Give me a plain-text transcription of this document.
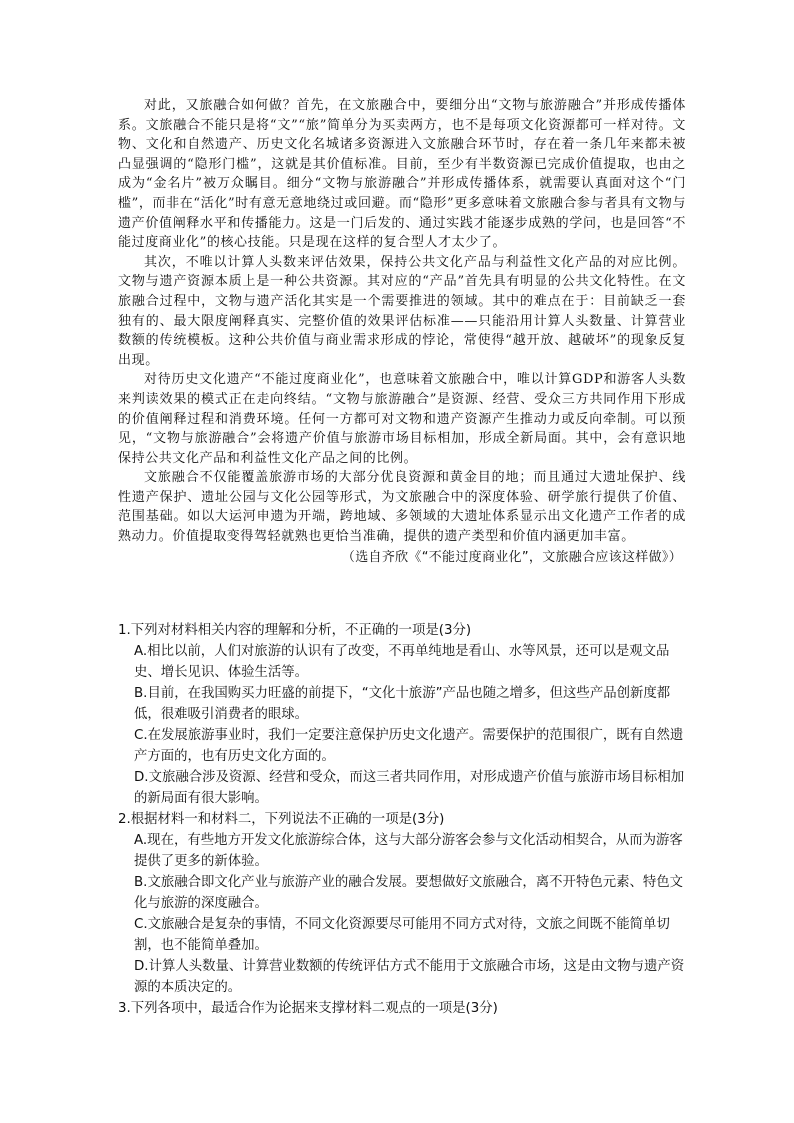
对此，又旅融合如何做？首先，在文旅融合中，要细分出“文物与旅游融合”并形成传播体系。文旅融合不能只是将“文”“旅”简单分为买卖两方，也不是每项文化资源都可一样对待。文物、文化和自然遗产、历史文化名城诸多资源进入文旅融合环节时，存在着一条几年来都未被凸显强调的“隐形门槛”，这就是其价值标准。目前，至少有半数资源已完成价值提取，也由之成为“金名片”被万众瞩目。细分“文物与旅游融合”并形成传播体系，就需要认真面对这个“门槛”，而非在“活化”时有意无意地绕过或回避。而“隐形”更多意味着文旅融合参与者具有文物与遗产价值阐释水平和传播能力。这是一门后发的、通过实践才能逐步成熟的学问，也是回答“不能过度商业化”的核心技能。只是现在这样的复合型人才太少了。

其次，不唯以计算人头数来评估效果，保持公共文化产品与利益性文化产品的对应比例。文物与遗产资源本质上是一种公共资源。其对应的“产品”首先具有明显的公共文化特性。在文旅融合过程中，文物与遗产活化其实是一个需要推进的领域。其中的难点在于：目前缺乏一套独有的、最大限度阐释真实、完整价值的效果评估标准——只能沿用计算人头数量、计算营业数额的传统模板。这种公共价值与商业需求形成的悖论，常使得“越开放、越破坏”的现象反复出现。

对待历史文化遗产“不能过度商业化”，也意味着文旅融合中，唯以计算GDP和游客人头数来判读效果的模式正在走向终结。“文物与旅游融合”是资源、经营、受众三方共同作用下形成的价值阐释过程和消费环境。任何一方都可对文物和遗产资源产生推动力或反向牵制。可以预见，“文物与旅游融合”会将遗产价值与旅游市场目标相加，形成全新局面。其中，会有意识地保持公共文化产品和利益性文化产品之间的比例。

文旅融合不仅能覆盖旅游市场的大部分优良资源和黄金目的地；而且通过大遗址保护、线性遗产保护、遗址公园与文化公园等形式，为文旅融合中的深度体验、研学旅行提供了价值、范围基础。如以大运河申遗为开端，跨地域、多领域的大遗址体系显示出文化遗产工作者的成熟动力。价值提取变得驾轻就熟也更恰当准确，提供的遗产类型和价值内涵更加丰富。

（选自齐欣《“不能过度商业化”，文旅融合应该这样做》）

1.下列对材料相关内容的理解和分析，不正确的一项是(3分)

A.相比以前，人们对旅游的认识有了改变，不再单纯地是看山、水等风景，还可以是观文品史、增长见识、体验生活等。

B.目前，在我国购买力旺盛的前提下，“文化十旅游”产品也随之增多，但这些产品创新度都低，很难吸引消费者的眼球。

C.在发展旅游事业时，我们一定要注意保护历史文化遗产。需要保护的范围很广，既有自然遗产方面的，也有历史文化方面的。

D.文旅融合涉及资源、经营和受众，而这三者共同作用，对形成遗产价值与旅游市场目标相加的新局面有很大影响。

2.根据材料一和材料二，下列说法不正确的一项是(3分)

A.现在，有些地方开发文化旅游综合体，这与大部分游客会参与文化活动相契合，从而为游客提供了更多的新体验。

B.文旅融合即文化产业与旅游产业的融合发展。要想做好文旅融合，离不开特色元素、特色文化与旅游的深度融合。

C.文旅融合是复杂的事情，不同文化资源要尽可能用不同方式对待，文旅之间既不能简单切割，也不能简单叠加。

D.计算人头数量、计算营业数额的传统评估方式不能用于文旅融合市场，这是由文物与遗产资源的本质决定的。

3.下列各项中，最适合作为论据来支撑材料二观点的一项是(3分)
